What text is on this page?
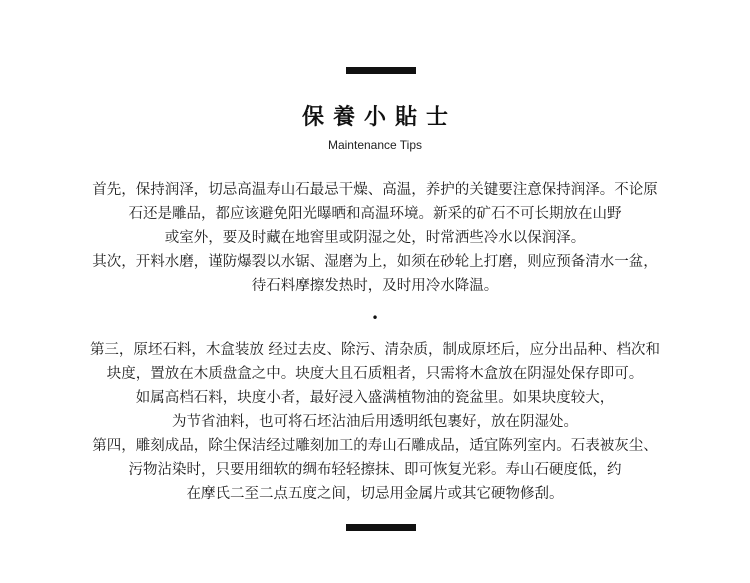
保養小貼士
Maintenance Tips
首先，保持润泽，切忌高温寿山石最忌干燥、高温，养护的关键要注意保持润泽。不论原
石还是雕品，都应该避免阳光曝晒和高温环境。新采的矿石不可长期放在山野
或室外，要及时藏在地窖里或阴湿之处，时常洒些冷水以保润泽。
其次，开料水磨，谨防爆裂以水锯、湿磨为上，如须在砂轮上打磨，则应预备清水一盆，
待石料摩擦发热时，及时用冷水降温。
•
第三，原坯石料，木盒装放 经过去皮、除污、清杂质，制成原坯后，应分出品种、档次和
块度，置放在木质盘盒之中。块度大且石质粗者，只需将木盒放在阴湿处保存即可。
如属高档石料，块度小者，最好浸入盛满植物油的瓷盆里。如果块度较大，
为节省油料，也可将石坯沾油后用透明纸包裹好，放在阴湿处。
第四，雕刻成品，除尘保洁经过雕刻加工的寿山石雕成品，适宜陈列室内。石表被灰尘、
污物沾染时，只要用细软的绸布轻轻擦抹、即可恢复光彩。寿山石硬度低，约
在摩氏二至二点五度之间，切忌用金属片或其它硬物修刮。
